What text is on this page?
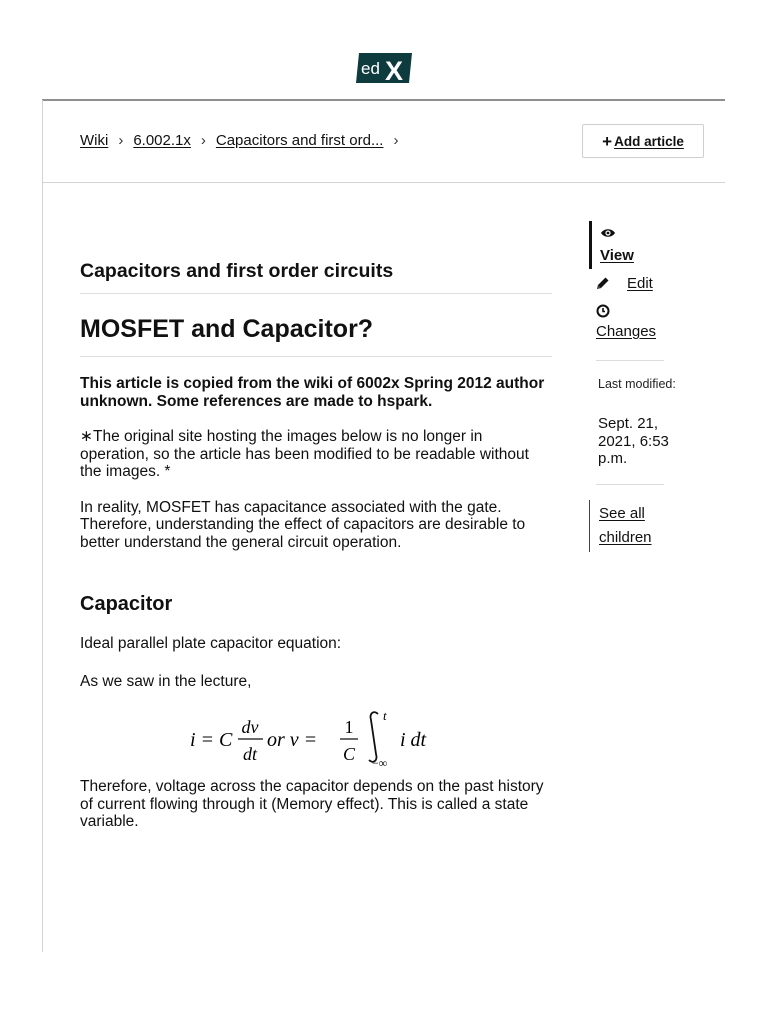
ed X
Wiki › 6.002.1x › Capacitors and first ord... ›	+ Add article
Capacitors and first order circuits
MOSFET and Capacitor?

This article is copied from the wiki of 6002x Spring 2012 author unknown. Some references are made to hspark.

∗The original site hosting the images below is no longer in operation, so the article has been modified to be readable without the images. *

In reality, MOSFET has capacitance associated with the gate. Therefore, understanding the effect of capacitors are desirable to better understand the general circuit operation.

Capacitor

Ideal parallel plate capacitor equation:

As we saw in the lecture,

i = C
dv
dt
or v =
1
C
t
−∞
i dt

Therefore, voltage across the capacitor depends on the past history of current flowing through it (Memory effect). This is called a state variable.

View
Edit
Changes
Last modified:
Sept. 21, 2021, 6:53 p.m.
See all children
